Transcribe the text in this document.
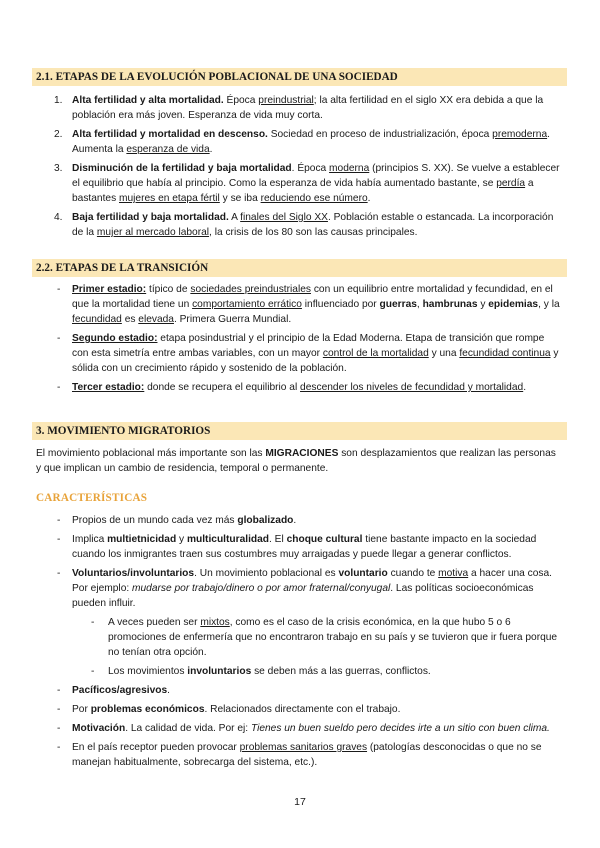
2.1. ETAPAS DE LA EVOLUCIÓN POBLACIONAL DE UNA SOCIEDAD
1. Alta fertilidad y alta mortalidad. Época preindustrial; la alta fertilidad en el siglo XX era debida a que la población era más joven. Esperanza de vida muy corta.
2. Alta fertilidad y mortalidad en descenso. Sociedad en proceso de industrialización, época premoderna. Aumenta la esperanza de vida.
3. Disminución de la fertilidad y baja mortalidad. Época moderna (principios S. XX). Se vuelve a establecer el equilibrio que había al principio. Como la esperanza de vida había aumentado bastante, se perdía a bastantes mujeres en etapa fértil y se iba reduciendo ese número.
4. Baja fertilidad y baja mortalidad. A finales del Siglo XX. Población estable o estancada. La incorporación de la mujer al mercado laboral, la crisis de los 80 son las causas principales.
2.2. ETAPAS DE LA TRANSICIÓN
- Primer estadio: típico de sociedades preindustriales con un equilibrio entre mortalidad y fecundidad, en el que la mortalidad tiene un comportamiento errático influenciado por guerras, hambrunas y epidemias, y la fecundidad es elevada. Primera Guerra Mundial.
- Segundo estadio: etapa posindustrial y el principio de la Edad Moderna. Etapa de transición que rompe con esta simetría entre ambas variables, con un mayor control de la mortalidad y una fecundidad continua y sólida con un crecimiento rápido y sostenido de la población.
- Tercer estadio: donde se recupera el equilibrio al descender los niveles de fecundidad y mortalidad.
3. MOVIMIENTO MIGRATORIOS

El movimiento poblacional más importante son las MIGRACIONES son desplazamientos que realizan las personas y que implican un cambio de residencia, temporal o permanente.

CARACTERÍSTICAS
- Propios de un mundo cada vez más globalizado.
- Implica multietnicidad y multiculturalidad. El choque cultural tiene bastante impacto en la sociedad cuando los inmigrantes traen sus costumbres muy arraigadas y puede llegar a generar conflictos.
- Voluntarios/involuntarios. Un movimiento poblacional es voluntario cuando te motiva a hacer una cosa. Por ejemplo: mudarse por trabajo/dinero o por amor fraternal/conyugal. Las políticas socioeconómicas pueden influir.
- A veces pueden ser mixtos, como es el caso de la crisis económica, en la que hubo 5 o 6 promociones de enfermería que no encontraron trabajo en su país y se tuvieron que ir fuera porque no tenían otra opción.
- Los movimientos involuntarios se deben más a las guerras, conflictos.
- Pacíficos/agresivos.
- Por problemas económicos. Relacionados directamente con el trabajo.
- Motivación. La calidad de vida. Por ej: Tienes un buen sueldo pero decides irte a un sitio con buen clima.
- En el país receptor pueden provocar problemas sanitarios graves (patologías desconocidas o que no se manejan habitualmente, sobrecarga del sistema, etc.).
17
